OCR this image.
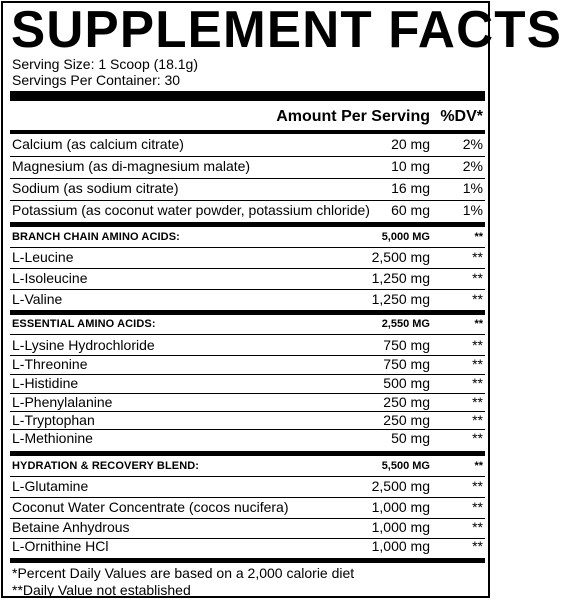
SUPPLEMENT FACTS
Serving Size: 1 Scoop (18.1g)
Servings Per Container: 30
Amount Per Serving %DV*
Calcium (as calcium citrate)	20 mg 2%
Magnesium (as di-magnesium malate)	10 mg 2%
Sodium (as sodium citrate)	16 mg 1%
Potassium (as coconut water powder, potassium chloride) 60 mg 1%
BRANCH CHAIN AMINO ACIDS:	5,000 MG	**
L-Leucine	2,500 mg	**
L-Isoleucine	1,250 mg	**
L-Valine	1,250 mg	**
ESSENTIAL AMINO ACIDS:	2,550 MG	**
L-Lysine Hydrochloride	750 mg	**
L-Threonine	750 mg	**
L-Histidine	500 mg	**
L-Phenylalanine	250 mg	**
L-Tryptophan	250 mg	**
L-Methionine	50 mg	**
HYDRATION & RECOVERY BLEND:	5,500 MG	**
L-Glutamine	2,500 mg	**
Coconut Water Concentrate (cocos nucifera)	1,000 mg	**
Betaine Anhydrous	1,000 mg	**
L-Ornithine HCl	1,000 mg	**
*Percent Daily Values are based on a 2,000 calorie diet
**Daily Value not established
